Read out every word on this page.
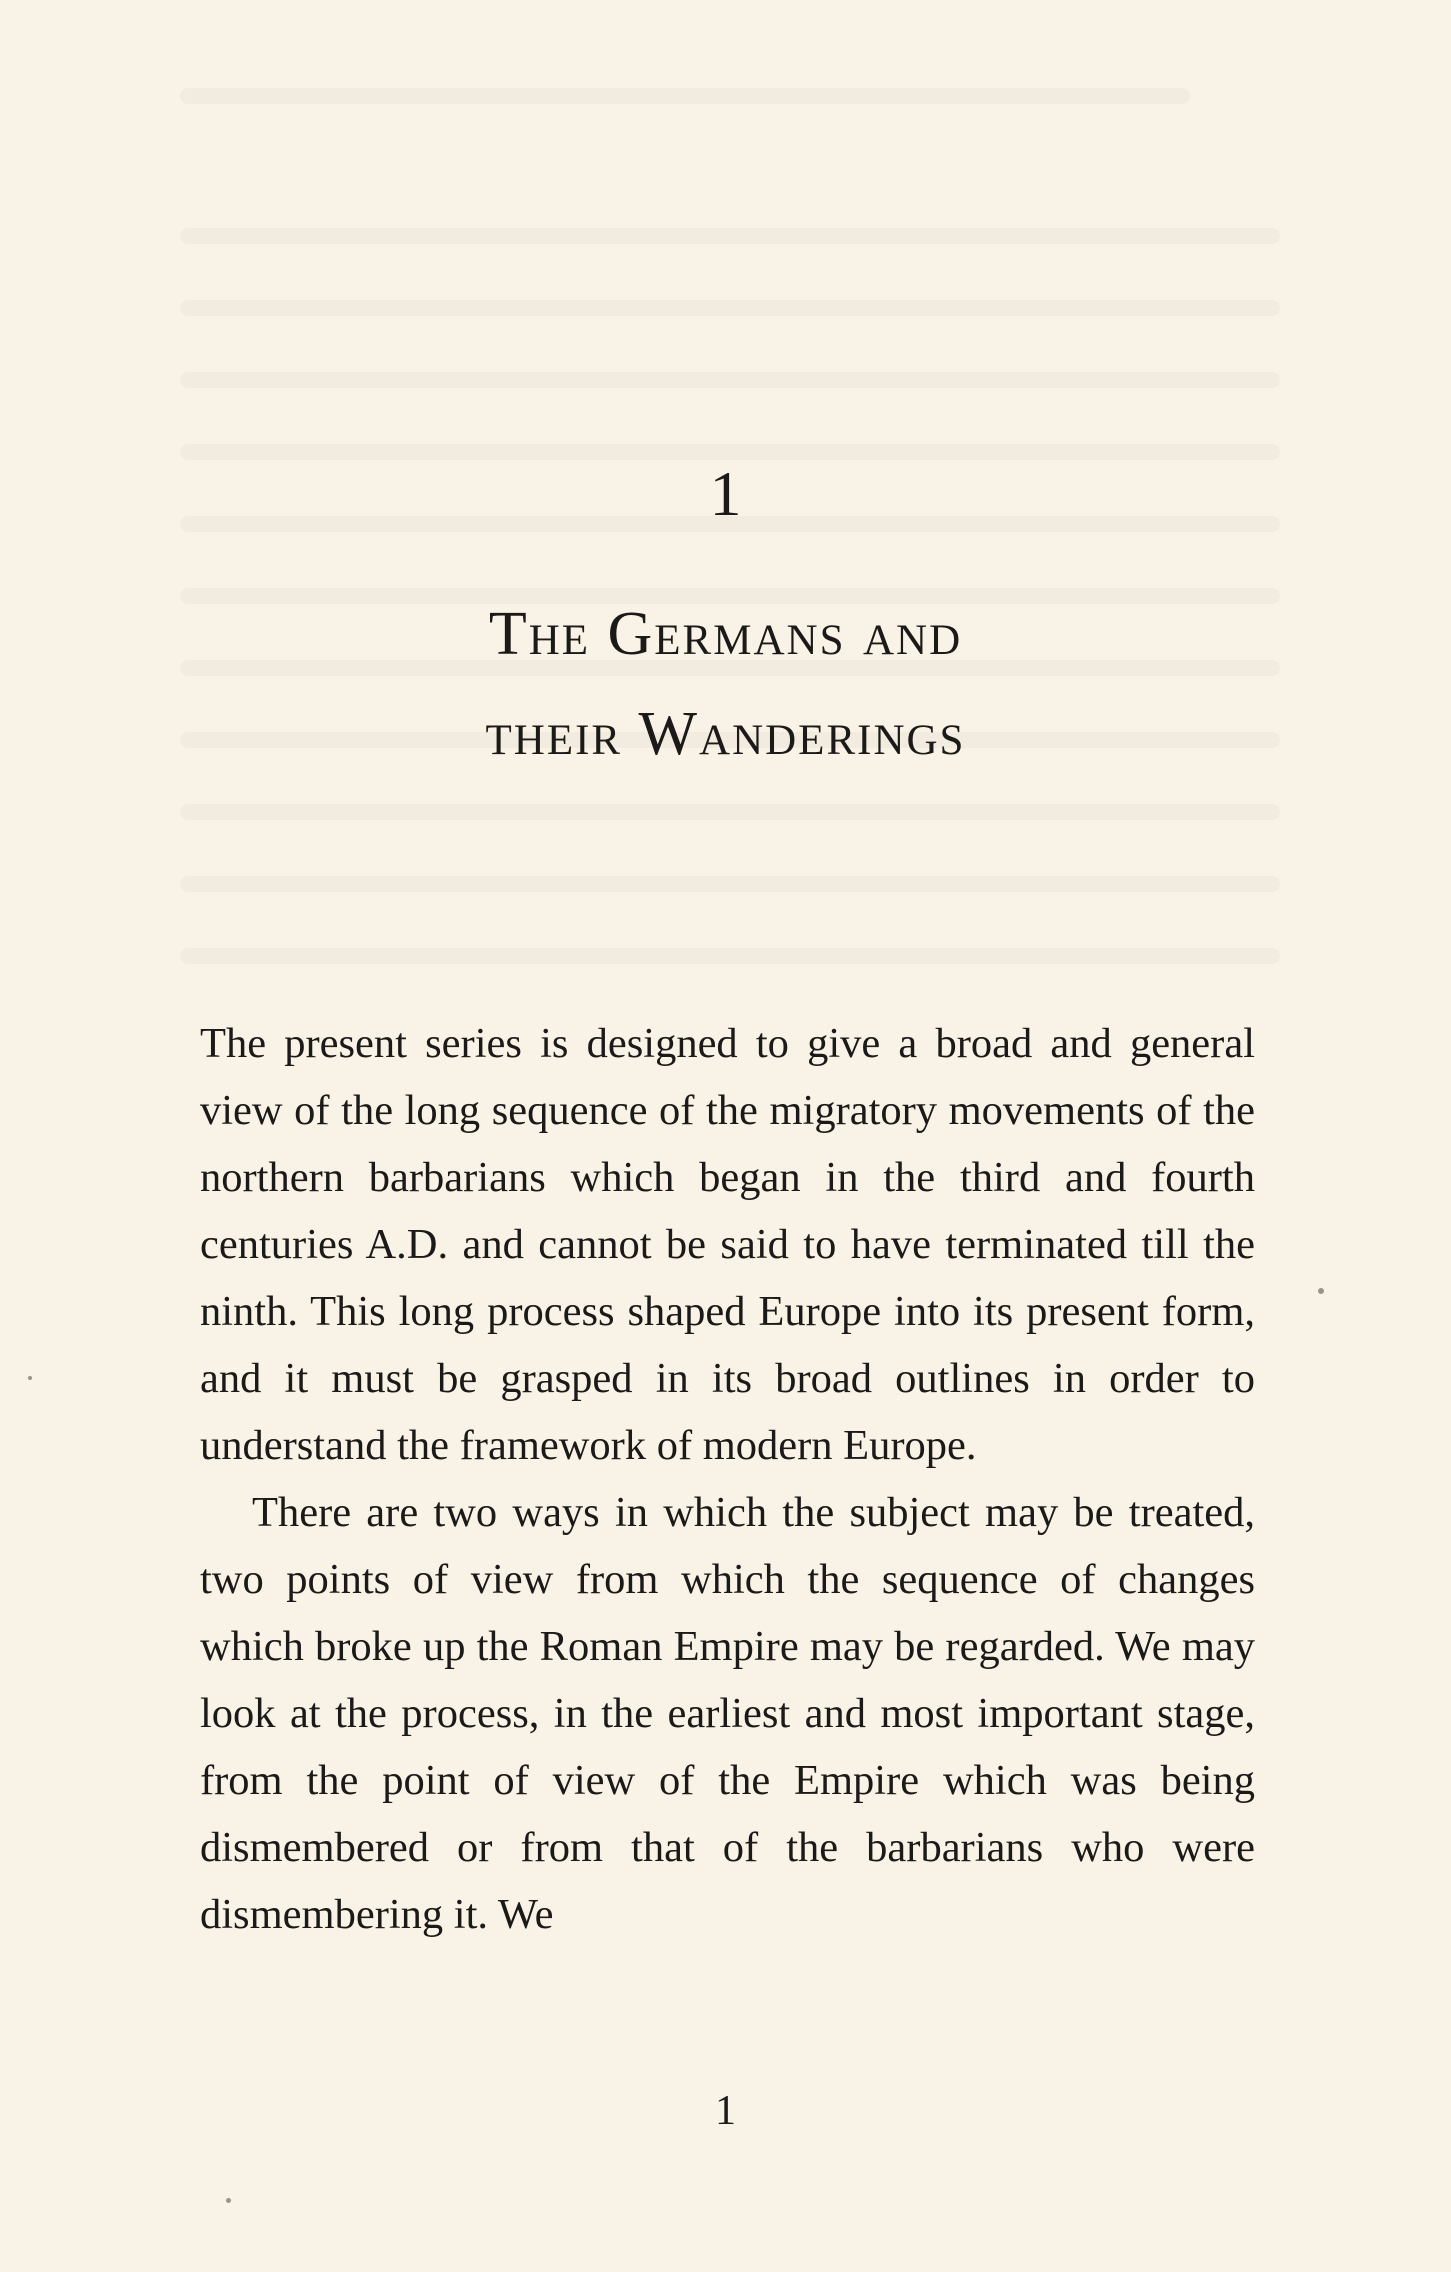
1
The Germans and
their Wanderings

The present series is designed to give a broad and general view of the long sequence of the migratory movements of the northern barbarians which began in the third and fourth centuries A.D. and cannot be said to have terminated till the ninth. This long process shaped Europe into its present form, and it must be grasped in its broad outlines in order to understand the framework of modern Europe.

There are two ways in which the subject may be treated, two points of view from which the sequence of changes which broke up the Roman Empire may be regarded. We may look at the process, in the earliest and most important stage, from the point of view of the Empire which was being dismembered or from that of the barbarians who were dismembering it. We

1
